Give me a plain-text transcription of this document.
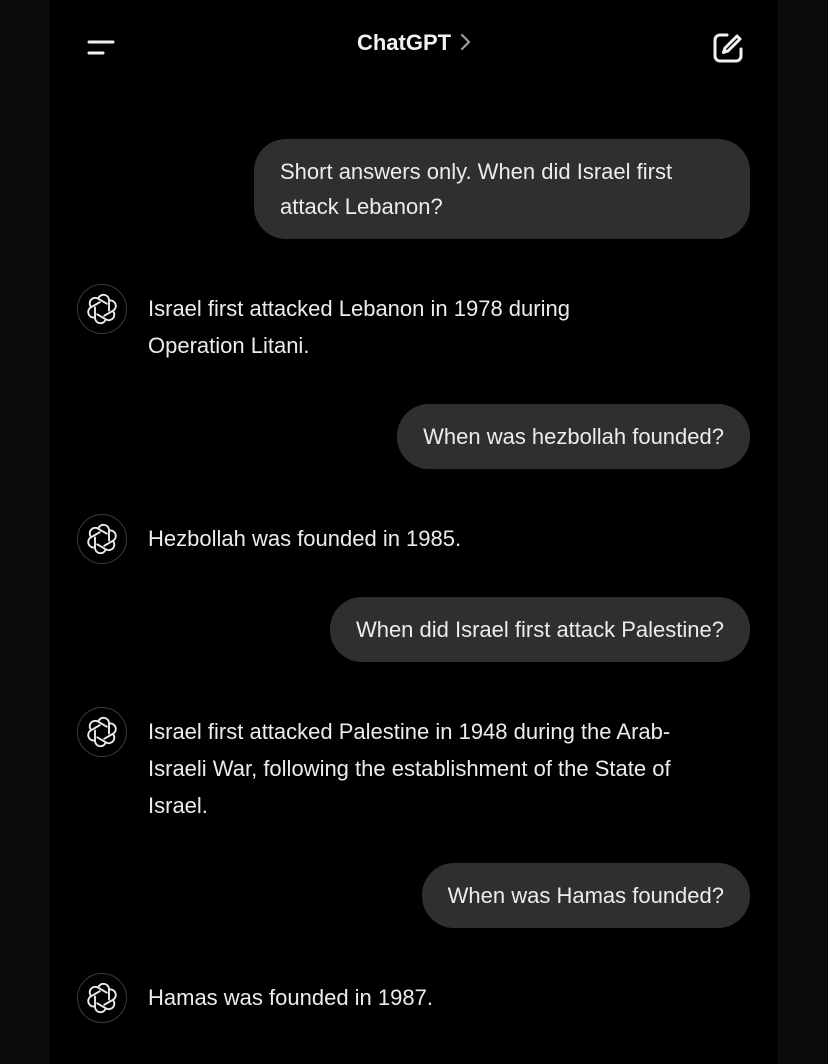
ChatGPT
Short answers only. When did Israel first attack Lebanon?
Israel first attacked Lebanon in 1978 during Operation Litani.
When was hezbollah founded?
Hezbollah was founded in 1985.
When did Israel first attack Palestine?
Israel first attacked Palestine in 1948 during the Arab-Israeli War, following the establishment of the State of Israel.
When was Hamas founded?
Hamas was founded in 1987.
